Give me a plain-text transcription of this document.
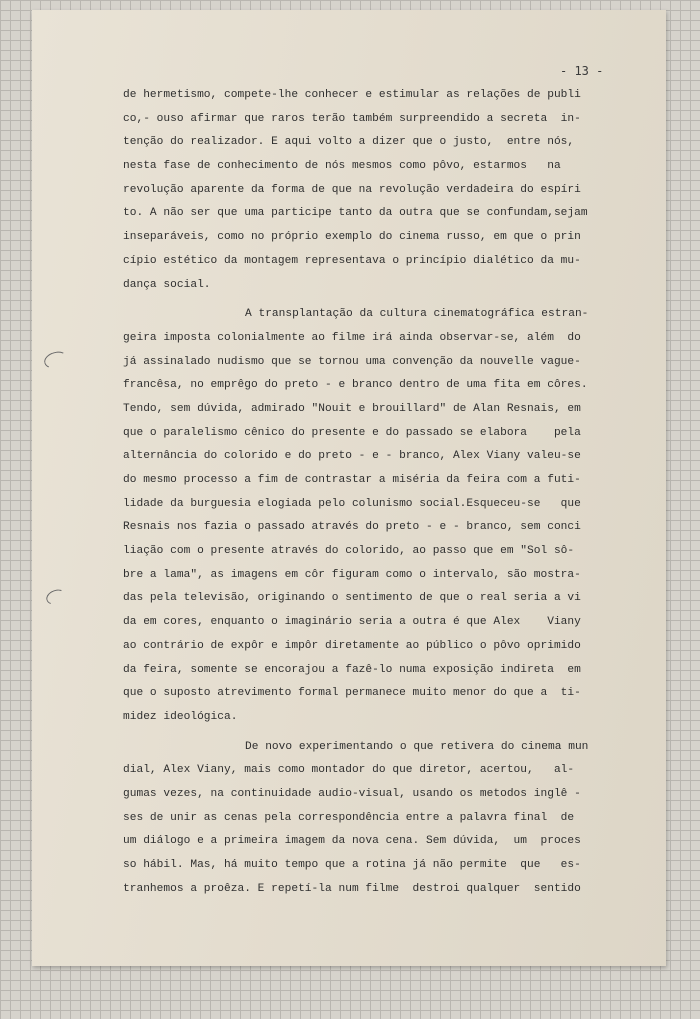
- 13 -
de hermetismo, compete-lhe conhecer e estimular as relações de publi
co,- ouso afirmar que raros terão também surpreendido a secreta  in-
tenção do realizador. E aqui volto a dizer que o justo,  entre nós,
nesta fase de conhecimento de nós mesmos como pôvo, estarmos   na
revolução aparente da forma de que na revolução verdadeira do espíri
to. A não ser que uma participe tanto da outra que se confundam,sejam
inseparáveis, como no próprio exemplo do cinema russo, em que o prin
cípio estético da montagem representava o princípio dialético da mu-
dança social.
A transplantação da cultura cinematográfica estran-
geira imposta colonialmente ao filme irá ainda observar-se, além  do
já assinalado nudismo que se tornou uma convenção da nouvelle vague-
francêsa, no emprêgo do preto - e branco dentro de uma fita em côres.
Tendo, sem dúvida, admirado "Nouit e brouillard" de Alan Resnais, em
que o paralelismo cênico do presente e do passado se elabora    pela
alternância do colorido e do preto - e - branco, Alex Viany valeu-se
do mesmo processo a fim de contrastar a miséria da feira com a futi-
lidade da burguesia elogiada pelo colunismo social.Esqueceu-se   que
Resnais nos fazia o passado através do preto - e - branco, sem conci
liação com o presente através do colorido, ao passo que em "Sol sô-
bre a lama", as imagens em côr figuram como o intervalo, são mostra-
das pela televisão, originando o sentimento de que o real seria a vi
da em cores, enquanto o imaginário seria a outra é que Alex    Viany
ao contrário de expôr e impôr diretamente ao público o pôvo oprimido
da feira, somente se encorajou a fazê-lo numa exposição indireta  em
que o suposto atrevimento formal permanece muito menor do que a  ti-
midez ideológica.
De novo experimentando o que retivera do cinema mun
dial, Alex Viany, mais como montador do que diretor, acertou,   al-
gumas vezes, na continuidade audio-visual, usando os metodos inglê -
ses de unir as cenas pela correspondência entre a palavra final  de
um diálogo e a primeira imagem da nova cena. Sem dúvida,  um  proces
so hábil. Mas, há muito tempo que a rotina já não permite  que   es-
tranhemos a proêza. E repetí-la num filme  destroi qualquer  sentido
